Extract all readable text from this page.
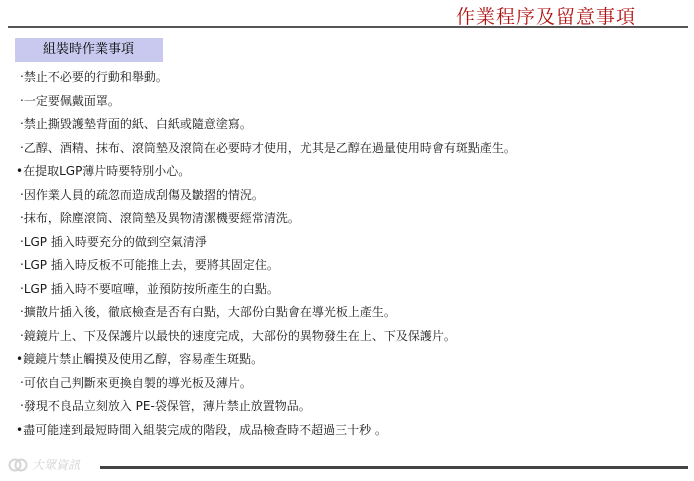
作業程序及留意事項
組裝時作業事項
‧禁止不必要的行動和舉動。
‧一定要佩戴面罩。
‧禁止撕毀護墊背面的紙、白紙或隨意塗寫。
‧乙醇、酒精、抹布、滾筒墊及滾筒在必要時才使用，尤其是乙醇在過量使用時會有斑點產生。
•在提取LGP薄片時要特別小心。
‧因作業人員的疏忽而造成刮傷及皺摺的情況。
‧抹布，除塵滾筒、滾筒墊及異物清潔機要經常清洗。
‧LGP 插入時要充分的做到空氣清淨
‧LGP 插入時反板不可能推上去，要將其固定住。
‧LGP 插入時不要喧嘩，並預防按所產生的白點。
‧擴散片插入後，徹底檢查是否有白點，大部份白點會在導光板上產生。
‧鏡鏡片上、下及保護片以最快的速度完成，大部份的異物發生在上、下及保護片。
•鏡鏡片禁止觸摸及使用乙醇，容易產生斑點。
‧可依自己判斷來更換自製的導光板及薄片。
‧發現不良品立刻放入 PE-袋保管，薄片禁止放置物品。
•盡可能達到最短時間入組裝完成的階段，成品檢查時不超過三十秒 。
大眾資訊
